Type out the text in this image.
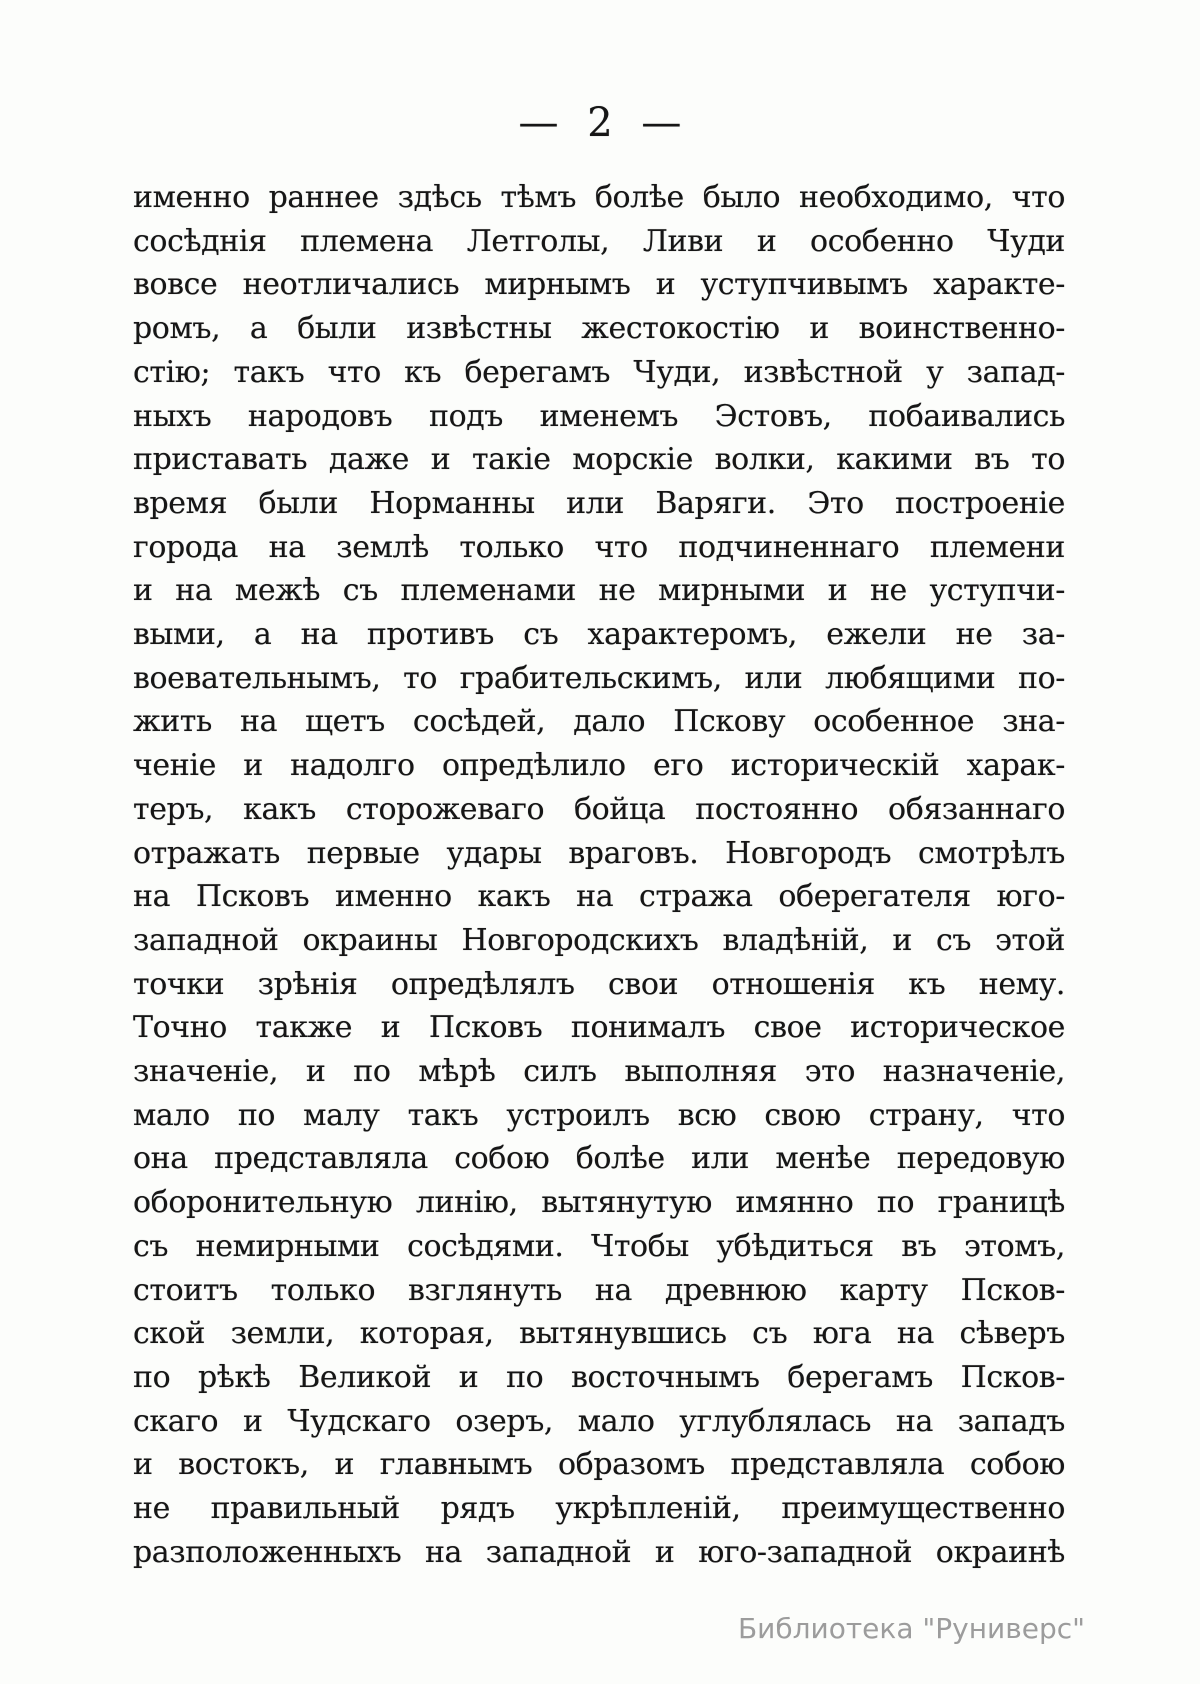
— 2 —
именно раннее здѣсь тѣмъ болѣе было необходимо, что
сосѣднія племена Летголы, Ливи и особенно Чуди
вовсе неотличались мирнымъ и уступчивымъ характе-
ромъ, а были извѣстны жестокостію и воинственно-
стію; такъ что къ берегамъ Чуди, извѣстной у запад-
ныхъ народовъ подъ именемъ Эстовъ, побаивались
приставать даже и такіе морскіе волки, какими въ то
время были Норманны или Варяги. Это построеніе
города на землѣ только что подчиненнаго племени
и на межѣ съ племенами не мирными и не уступчи-
выми, а на противъ съ характеромъ, ежели не за-
воевательнымъ, то грабительскимъ, или любящими по-
жить на щетъ сосѣдей, дало Пскову особенное зна-
ченіе и надолго опредѣлило его историческій харак-
теръ, какъ сторожеваго бойца постоянно обязаннаго
отражать первые удары враговъ. Новгородъ смотрѣлъ
на Псковъ именно какъ на стража оберегателя юго-
западной окраины Новгородскихъ владѣній, и съ этой
точки зрѣнія опредѣлялъ свои отношенія къ нему.
Точно также и Псковъ понималъ свое историческое
значеніе, и по мѣрѣ силъ выполняя это назначеніе,
мало по малу такъ устроилъ всю свою страну, что
она представляла собою болѣе или менѣе передовую
оборонительную линію, вытянутую имянно по границѣ
съ немирными сосѣдями. Чтобы убѣдиться въ этомъ,
стоитъ только взглянуть на древнюю карту Псков-
ской земли, которая, вытянувшись съ юга на сѣверъ
по рѣкѣ Великой и по восточнымъ берегамъ Псков-
скаго и Чудскаго озеръ, мало углублялась на западъ
и востокъ, и главнымъ образомъ представляла собою
не правильный рядъ укрѣпленій, преимущественно
разположенныхъ на западной и юго-западной окраинѣ
Библиотека "Руниверс"
